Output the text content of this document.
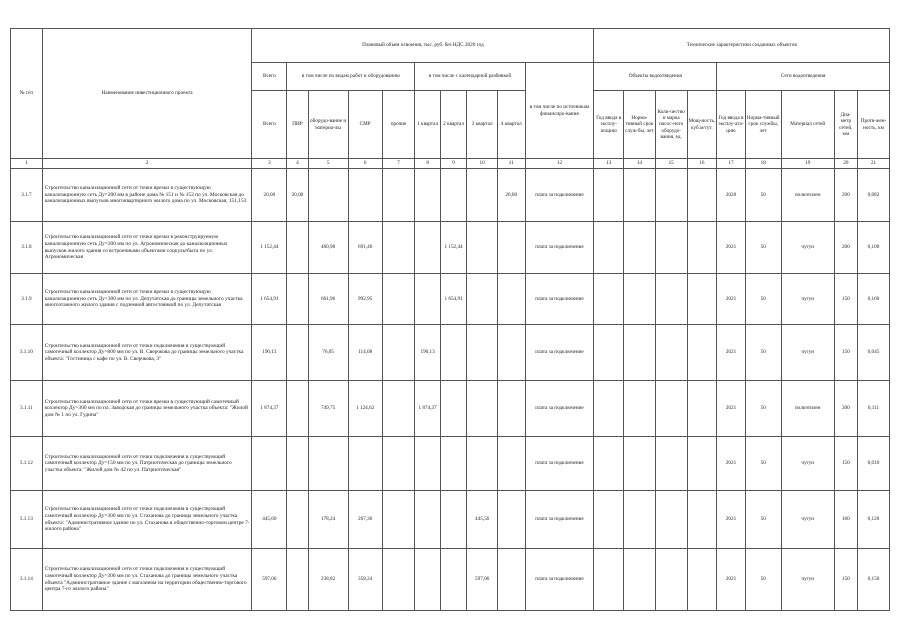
№ п/п	Наименование инвестиционного проекта	Плановый объем освоения, тыс. руб. без НДС 2020 год										Технические характеристики созданных объектов								
		Всего	в том числе по видам работ и оборудованию				в том числе с календарной разбивкой				в том числе по источникам финансиро-вания	Объекты водоотведения				Сети водоотведения				
		Всего	ПИР	оборудо-вание и материа-лы	СМР	прочие	1 квартал	2 квартал	3 квартал	4 квартал		Год ввода в эксплу-атацию	Норма-тивный срок служ-бы, лет	Коли-чество и марка насос-ного оборудо-вания, ед.	Мощ-ность, куб.м/сут.	Год ввода в эксплу-ата-цию	Норма-тивный срок службы, лет	Материал сетей	Диа-метр сетей, мм	Протя-жен-ность, км
1	2	3	4	5	6	7	8	9	10	11	12	13	14	15	16	17	18	19	20	21
3.1.7	Строительство канализационной сети от точки врезки в существующую канализационную сеть Ду=200 мм в районе дома № 151 и № 153 по ул. Московская до канализационных выпусков многоквартирного жилого дома по ул. Московская, 151,153	20,00	20,00							20,00	плата за подключение					2020	50	полиэтилен	200	0,082
3.1.8	Строительство канализационной сети от точки врезки в реконструируемую канализационную сеть Ду=200 мм по ул. Агрономическая до канализационных выпусков жилого здания со встроенными объектами соцкультбыта по ул. Агрономическая	1 152,44		460,98	691,46			1 152,44			плата за подключение					2021	50	чугун	200	0,100
3.1.9	Строительство канализационной сети от точки врезки в существующую канализационную сеть Ду=300 мм по ул. Депутатская до границы земельного участка многоэтажного жилого здания с подземной автостоянкой по ул. Депутатская	1 654,91		661,96	992,95			1 654,91			плата за подключение					2021	50	чугун	150	0,160
3.1.10	Строительство канализационной сети от точки подключения в существующий самотечный коллектор Ду=800 мм по ул. В. Сверчкова до границы земельного участка объекта: "Гостиница с кафе по ул. В. Сверчкова, 3"	190,13		76,05	114,08		190,13				плата за подключение					2021	50	чугун	150	0,045
3.1.11	Строительство канализационной сети от точки врезки в существующий самотечный коллектор Ду=300 мм по пл. Заводская до границы земельного участка объекта: "Жилой дом № 1 по ул. Гудина"	1 874,37		749,75	1 124,62		1 874,37				плата за подключение					2021	50	полиэтилен	200	0,111
3.1.12	Строительство канализационной сети от точки подключения в существующий самотечный коллектор Ду=150 мм по ул. Патриотическая до границы земельного участка объекта: "Жилой дом № 42 по ул. Патриотическая"										плата за подключение					2021	50	чугун	150	0,010
3.1.13	Строительство канализационной сети от точки подключения в существующий самотечный коллектор Ду=300 мм по ул. Стаханова до границы земельного участка объекта: "Административное здание по ул. Стаханова в общественно-торговом центре 7-жилого района"	445,60		178,24	267,36				445,56		плата за подключение					2021	50	чугун	160	0,120
3.1.14	Строительство канализационной сети от точки подключения в существующий самотечный коллектор Ду=300 мм по ул. Стаханова до границы земельного участка объекта "Административное здание с магазином на территории общественно-торгового центра 7-го жилого района"	597,06		238,82	358,24				597,06		плата за подключение					2021	50	чугун	150	0,150
